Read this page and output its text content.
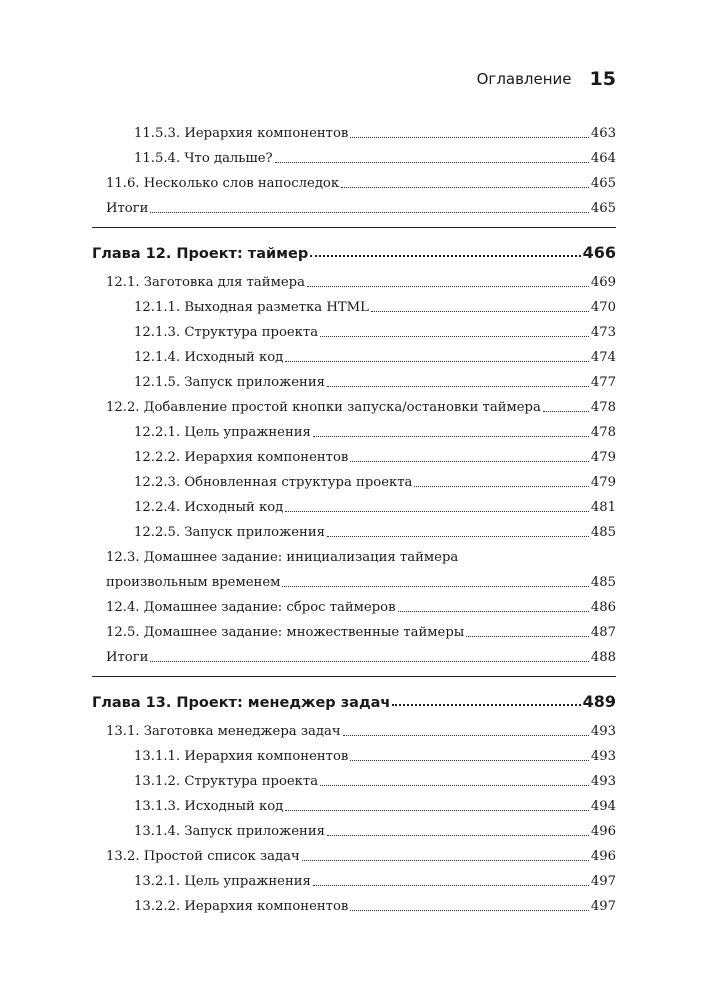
Оглавление 15
11.5.3. Иерархия компонентов	463
11.5.4. Что дальше?	464
11.6. Несколько слов напоследок	465
Итоги	465
Глава 12. Проект: таймер	466
12.1. Заготовка для таймера	469
12.1.1. Выходная разметка HTML	470
12.1.3. Структура проекта	473
12.1.4. Исходный код	474
12.1.5. Запуск приложения	477
12.2. Добавление простой кнопки запуска/остановки таймера	478
12.2.1. Цель упражнения	478
12.2.2. Иерархия компонентов	479
12.2.3. Обновленная структура проекта	479
12.2.4. Исходный код	481
12.2.5. Запуск приложения	485
12.3. Домашнее задание: инициализация таймера
произвольным временем	485
12.4. Домашнее задание: сброс таймеров	486
12.5. Домашнее задание: множественные таймеры	487
Итоги	488
Глава 13. Проект: менеджер задач	489
13.1. Заготовка менеджера задач	493
13.1.1. Иерархия компонентов	493
13.1.2. Структура проекта	493
13.1.3. Исходный код	494
13.1.4. Запуск приложения	496
13.2. Простой список задач	496
13.2.1. Цель упражнения	497
13.2.2. Иерархия компонентов	497
